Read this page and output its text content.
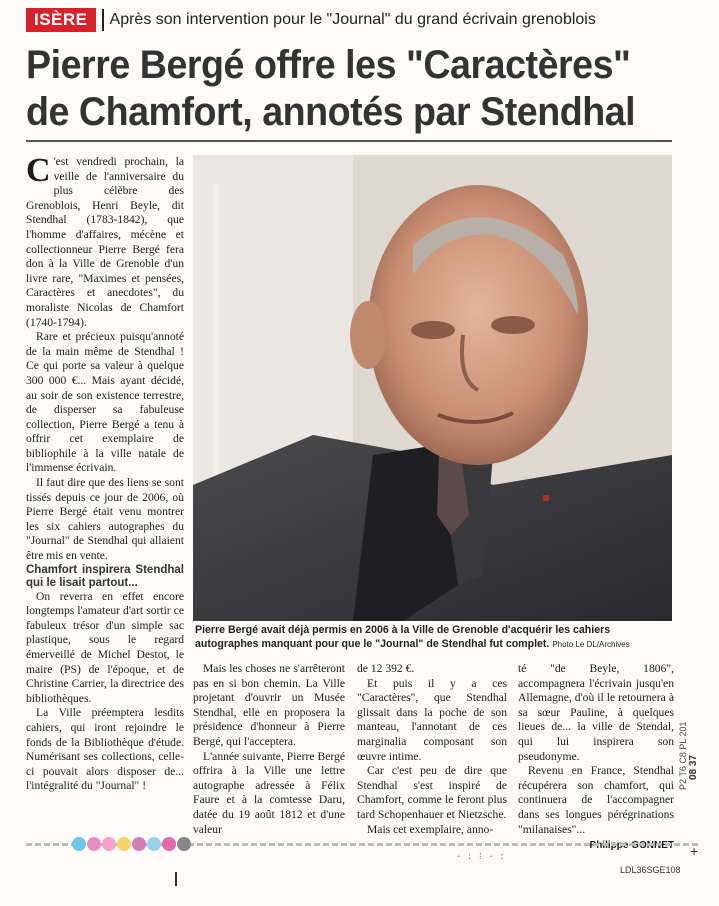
ISÈRE	Après son intervention pour le "Journal" du grand écrivain grenoblois
Pierre Bergé offre les "Caractères"
de Chamfort, annotés par Stendhal

C 'est vendredi prochain, la veille de l'anniversaire du plus célèbre des Grenoblois, Henri Beyle, dit Stendhal (1783-1842), que l'homme d'affaires, mécène et collectionneur Pierre Bergé fera don à la Ville de Grenoble d'un livre rare, "Maximes et pensées, Caractères et anecdotes", du moraliste Nicolas de Chamfort (1740-1794).

Rare et précieux puisqu'annoté de la main même de Stendhal ! Ce qui porte sa valeur à quelque 300 000 €... Mais ayant décidé, au soir de son existence terrestre, de disperser sa fabuleuse collection, Pierre Bergé a tenu à offrir cet exemplaire de bibliophile à la ville natale de l'immense écrivain.

Il faut dire que des liens se sont tissés depuis ce jour de 2006, où Pierre Bergé était venu montrer les six cahiers autographes du "Journal" de Stendhal qui allaient être mis en vente.

Chamfort inspirera Stendhal qui le lisait partout...

On reverra en effet encore longtemps l'amateur d'art sortir ce fabuleux trésor d'un simple sac plastique, sous le regard émerveillé de Michel Destot, le maire (PS) de l'époque, et de Christine Carrier, la directrice des bibliothèques.

La Ville préemptera lesdits cahiers, qui iront rejoindre le fonds de la Bibliothèque d'étude. Numérisant ses collections, celle-ci pouvait alors disposer de... l'intégralité du "Journal" !

Pierre Bergé avait déjà permis en 2006 à la Ville de Grenoble d'acquérir les cahiers autographes manquant pour que le "Journal" de Stendhal fut complet. Photo Le DL/Archives

Mais les choses ne s'arrêteront pas en si bon chemin. La Ville projetant d'ouvrir un Musée Stendhal, elle en proposera la présidence d'honneur à Pierre Bergé, qui l'acceptera.

L'année suivante, Pierre Bergé offrira à la Ville une lettre autographe adressée à Félix Faure et à la comtesse Daru, datée du 19 août 1812 et d'une valeur

de 12 392 €.

Et puis il y a ces "Caractères", que Stendhal glissait dans la poche de son manteau, l'annotant de ces marginalia composant son œuvre intime.

Car c'est peu de dire que Stendhal s'est inspiré de Chamfort, comme le feront plus tard Schopenhauer et Nietzsche.

Mais cet exemplaire, anno-

té "de Beyle, 1806", accompagnera l'écrivain jusqu'en Allemagne, d'où il le retournera à sa sœur Pauline, à quelques lieues de... la ville de Stendal, qui lui inspirera son pseudonyme.

Revenu en France, Stendhal récupérera son chamfort, qui continuera de l'accompagner dans ses longues pérégrinations "milanaises"...

Philippe GONNET
· : ⁞ · :	+
P2 T6 C8 PL 201 08 37
LDL36SGE108
